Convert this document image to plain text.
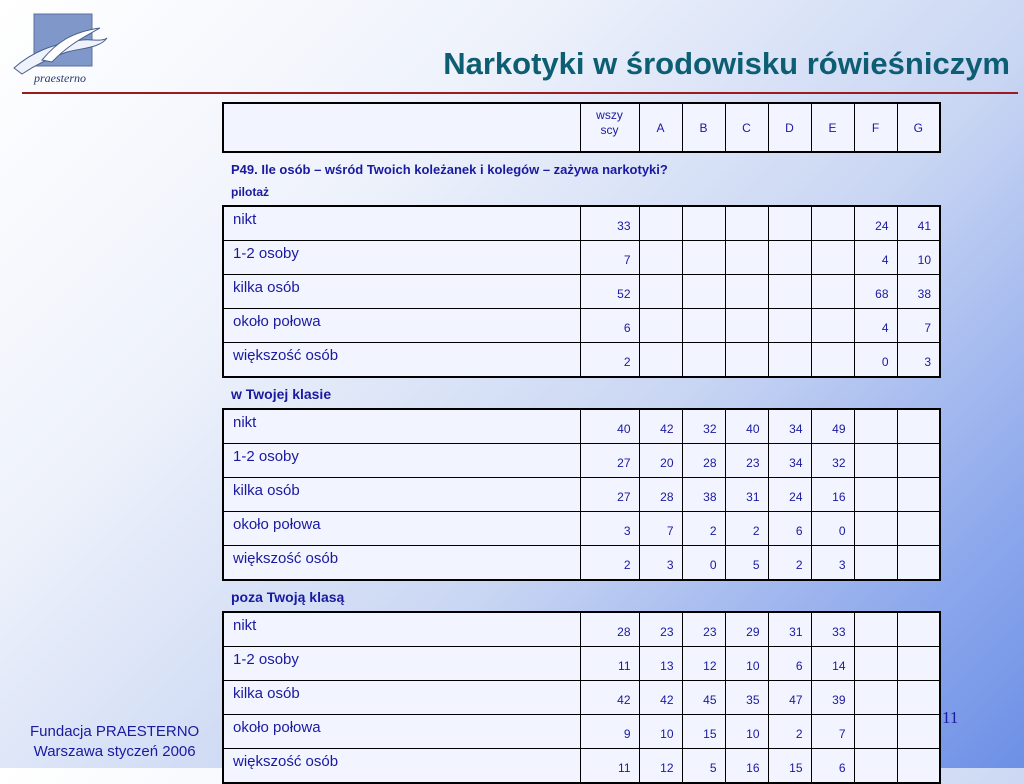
praesterno	Narkotyki w środowisku rówieśniczym
	wszy
scy	A	B	C	D	E	F	G
P49. Ile osób – wśród Twoich koleżanek i kolegów – zażywa narkotyki?
pilotaż
nikt	33						24	41
1-2 osoby	7						4	10
kilka osób	52						68	38
około połowa	6						4	7
większość osób	2						0	3
w Twojej klasie
nikt	40	42	32	40	34	49		
1-2 osoby	27	20	28	23	34	32		
kilka osób	27	28	38	31	24	16		
około połowa	3	7	2	2	6	0		
większość osób	2	3	0	5	2	3		
poza Twoją klasą
nikt	28	23	23	29	31	33		
1-2 osoby	11	13	12	10	6	14		
kilka osób	42	42	45	35	47	39		
około połowa	9	10	15	10	2	7		
większość osób	11	12	5	16	15	6		
Fundacja PRAESTERNO
Warszawa styczeń 2006
11
